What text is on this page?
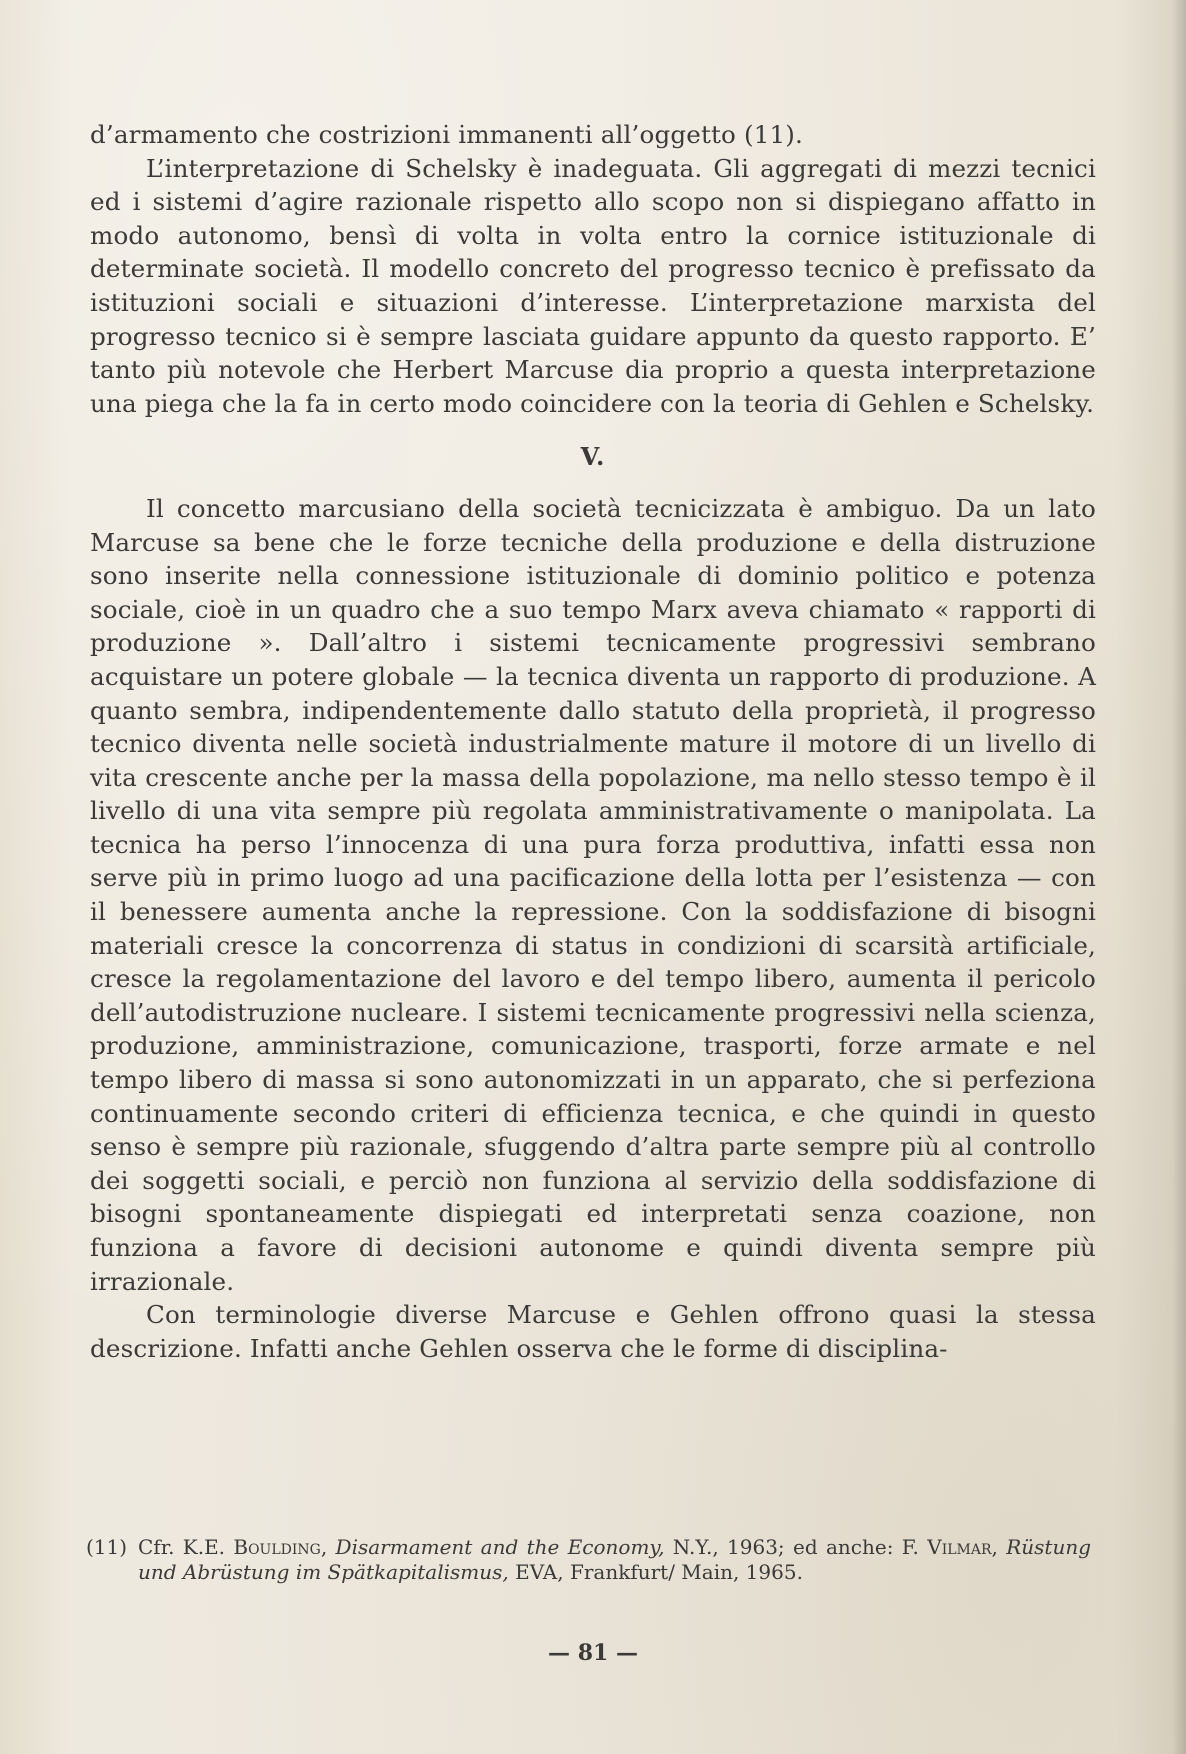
d’armamento che costrizioni immanenti all’oggetto (11).

L’interpretazione di Schelsky è inadeguata. Gli aggregati di mezzi tecnici ed i sistemi d’agire razionale rispetto allo scopo non si dispiegano affatto in modo autonomo, bensì di volta in volta entro la cornice istituzionale di determinate società. Il modello concreto del progresso tecnico è prefissato da istituzioni sociali e situazioni d’interesse. L’interpretazione marxista del progresso tecnico si è sempre lasciata guidare appunto da questo rapporto. E’ tanto più notevole che Herbert Marcuse dia proprio a questa interpretazione una piega che la fa in certo modo coincidere con la teoria di Gehlen e Schelsky.

V.

Il concetto marcusiano della società tecnicizzata è ambiguo. Da un lato Marcuse sa bene che le forze tecniche della produzione e della distruzione sono inserite nella connessione istituzionale di dominio politico e potenza sociale, cioè in un quadro che a suo tempo Marx aveva chiamato « rapporti di produzione ». Dall’altro i sistemi tecnicamente progressivi sembrano acquistare un potere globale — la tecnica diventa un rapporto di produzione. A quanto sembra, indipendentemente dallo statuto della proprietà, il progresso tecnico diventa nelle società industrialmente mature il motore di un livello di vita crescente anche per la massa della popolazione, ma nello stesso tempo è il livello di una vita sempre più regolata amministrativamente o manipolata. La tecnica ha perso l’innocenza di una pura forza produttiva, infatti essa non serve più in primo luogo ad una pacificazione della lotta per l’esistenza — con il benessere aumenta anche la repressione. Con la soddisfazione di bisogni materiali cresce la concorrenza di status in condizioni di scarsità artificiale, cresce la regolamentazione del lavoro e del tempo libero, aumenta il pericolo dell’autodistruzione nucleare. I sistemi tecnicamente progressivi nella scienza, produzione, amministrazione, comunicazione, trasporti, forze armate e nel tempo libero di massa si sono autonomizzati in un apparato, che si perfeziona continuamente secondo criteri di efficienza tecnica, e che quindi in questo senso è sempre più razionale, sfuggendo d’altra parte sempre più al controllo dei soggetti sociali, e perciò non funziona al servizio della soddisfazione di bisogni spontaneamente dispiegati ed interpretati senza coazione, non funziona a favore di decisioni autonome e quindi diventa sempre più irrazionale.

Con terminologie diverse Marcuse e Gehlen offrono quasi la stessa descrizione. Infatti anche Gehlen osserva che le forme di disciplina-

(11) Cfr. K.E. Boulding, Disarmament and the Economy, N.Y., 1963; ed anche: F. Vilmar, Rüstung und Abrüstung im Spätkapitalismus, EVA, Frankfurt/ Main, 1965.
— 81 —
